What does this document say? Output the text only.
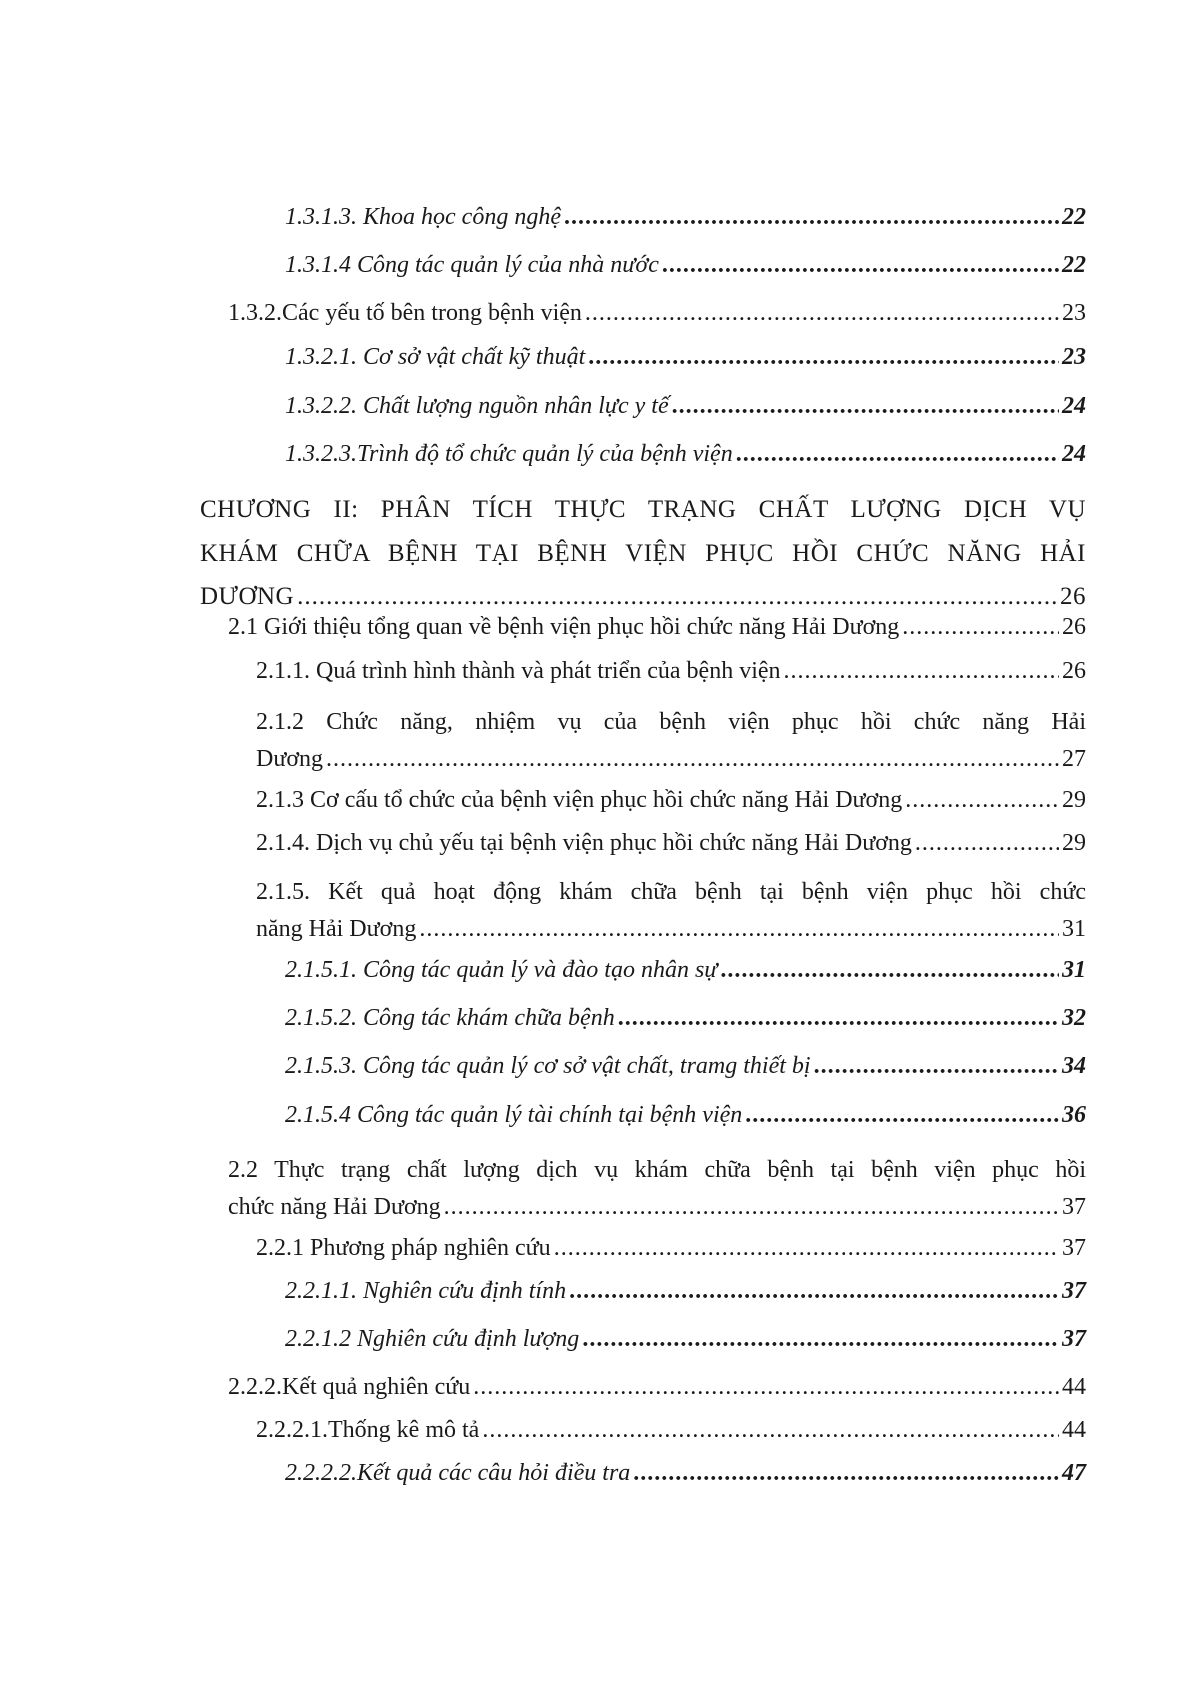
1.3.1.3. Khoa học công nghệ .....	22
1.3.1.4 Công tác quản lý của nhà nước .....	22
1.3.2.Các yếu tố bên trong bệnh viện .....	23
1.3.2.1. Cơ sở vật chất kỹ thuật .....	23
1.3.2.2. Chất lượng nguồn nhân lực y tế .....	24
1.3.2.3.Trình độ tổ chức quản lý của bệnh viện .....	24
CHƯƠNG II: PHÂN TÍCH THỰC TRẠNG CHẤT LƯỢNG DỊCH VỤ
KHÁM CHỮA BỆNH TẠI BỆNH VIỆN PHỤC HỒI CHỨC NĂNG HẢI
DƯƠNG .....	26
2.1 Giới thiệu tổng quan về bệnh viện phục hồi chức năng Hải Dương .....	26
2.1.1. Quá trình hình thành và phát triển của bệnh viện .....	26
2.1.2 Chức năng, nhiệm vụ của bệnh viện phục hồi chức năng Hải
Dương .....	27
2.1.3 Cơ cấu tổ chức của bệnh viện phục hồi chức năng Hải Dương .....	29
2.1.4. Dịch vụ chủ yếu tại bệnh viện phục hồi chức năng Hải Dương .....	29
2.1.5. Kết quả hoạt động khám chữa bệnh tại bệnh viện phục hồi chức
năng Hải Dương .....	31
2.1.5.1. Công tác quản lý và đào tạo nhân sự .....	31
2.1.5.2. Công tác khám chữa bệnh .....	32
2.1.5.3. Công tác quản lý cơ sở vật chất, tramg thiết bị .....	34
2.1.5.4 Công tác quản lý tài chính tại bệnh viện .....	36
2.2 Thực trạng chất lượng dịch vụ khám chữa bệnh tại bệnh viện phục hồi
chức năng Hải Dương .....	37
2.2.1 Phương pháp nghiên cứu .....	37
2.2.1.1. Nghiên cứu định tính .....	37
2.2.1.2 Nghiên cứu định lượng .....	37
2.2.2.Kết quả nghiên cứu .....	44
2.2.2.1.Thống kê mô tả .....	44
2.2.2.2.Kết quả các câu hỏi điều tra .....	47
